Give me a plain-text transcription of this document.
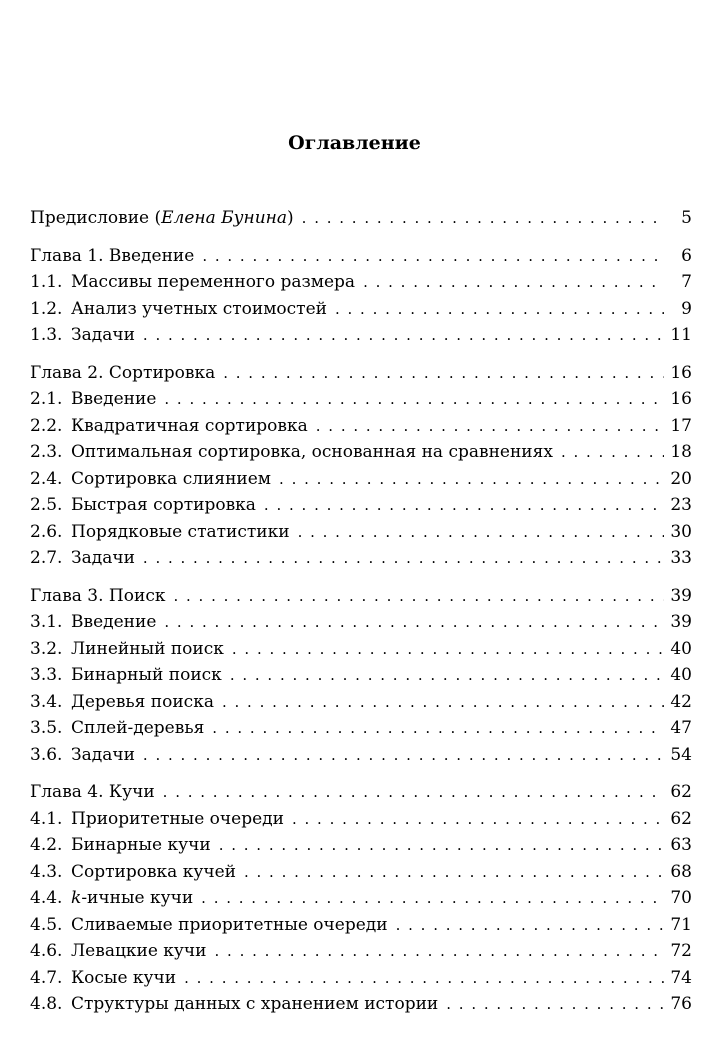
Оглавление
Предисловие (Елена Бунина) . . .	5
Глава 1. Введение . . .	6
1.1. Массивы переменного размера . . .	7
1.2. Анализ учетных стоимостей . . .	9
1.3. Задачи . . .	11
Глава 2. Сортировка . . .	16
2.1. Введение . . .	16
2.2. Квадратичная сортировка . . .	17
2.3. Оптимальная сортировка, основанная на сравнениях . . .	18
2.4. Сортировка слиянием . . .	20
2.5. Быстрая сортировка . . .	23
2.6. Порядковые статистики . . .	30
2.7. Задачи . . .	33
Глава 3. Поиск . . .	39
3.1. Введение . . .	39
3.2. Линейный поиск . . .	40
3.3. Бинарный поиск . . .	40
3.4. Деревья поиска . . .	42
3.5. Сплей-деревья . . .	47
3.6. Задачи . . .	54
Глава 4. Кучи . . .	62
4.1. Приоритетные очереди . . .	62
4.2. Бинарные кучи . . .	63
4.3. Сортировка кучей . . .	68
4.4. k-ичные кучи . . .	70
4.5. Сливаемые приоритетные очереди . . .	71
4.6. Левацкие кучи . . .	72
4.7. Косые кучи . . .	74
4.8. Структуры данных с хранением истории . . .	76
